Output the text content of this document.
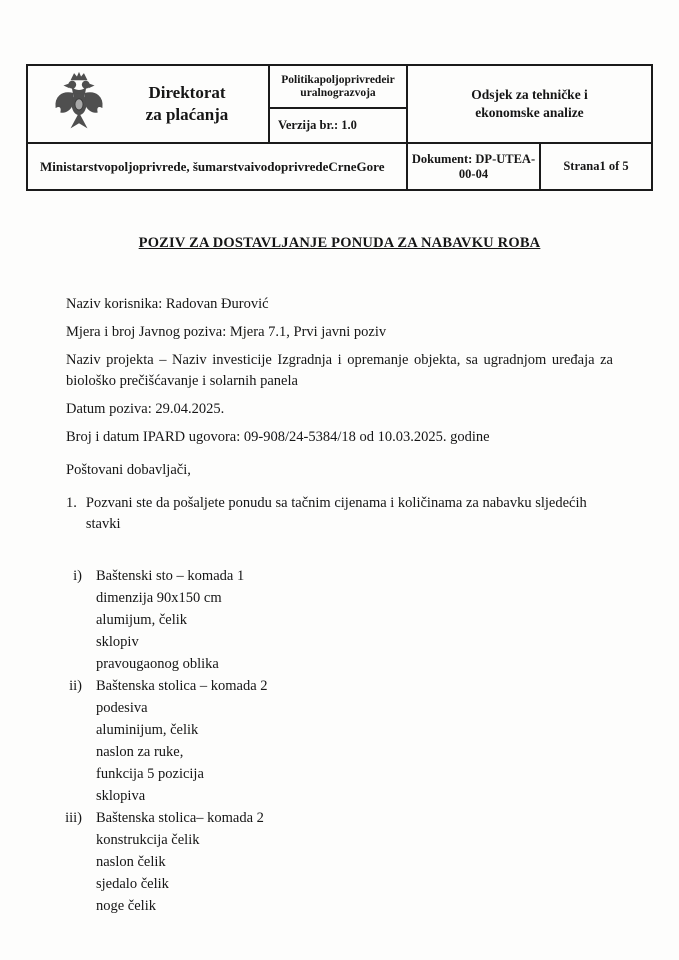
Direktorat
za plaćanja
Politikapoljoprivredeir
uralnograzvoja
Verzija br.: 1.0
Odsjek za tehničke i
ekonomske analize
Ministarstvopoljoprivrede, šumarstvaivodoprivredeCrneGore	Dokument: DP-UTEA-
00-04
Strana1 of 5
POZIV ZA DOSTAVLJANJE PONUDA ZA NABAVKU ROBA

Naziv korisnika: Radovan Đurović

Mjera i broj Javnog poziva: Mjera 7.1, Prvi javni poziv

Naziv projekta – Naziv investicije Izgradnja i opremanje objekta, sa ugradnjom uređaja za biološko prečišćavanje i solarnih panela

Datum poziva: 29.04.2025.

Broj i datum IPARD ugovora: 09-908/24-5384/18 od 10.03.2025. godine

Poštovani dobavljači,

1. Pozvani ste da pošaljete ponudu sa tačnim cijenama i količinama za nabavku sljedećih stavki

i) Baštenski sto – komada 1
dimenzija 90x150 cm
alumijum, čelik
sklopiv
pravougaonog oblika
ii) Baštenska stolica – komada 2
podesiva
aluminijum, čelik
naslon za ruke,
funkcija 5 pozicija
sklopiva
iii) Baštenska stolica– komada 2
konstrukcija čelik
naslon čelik
sjedalo čelik
noge čelik
